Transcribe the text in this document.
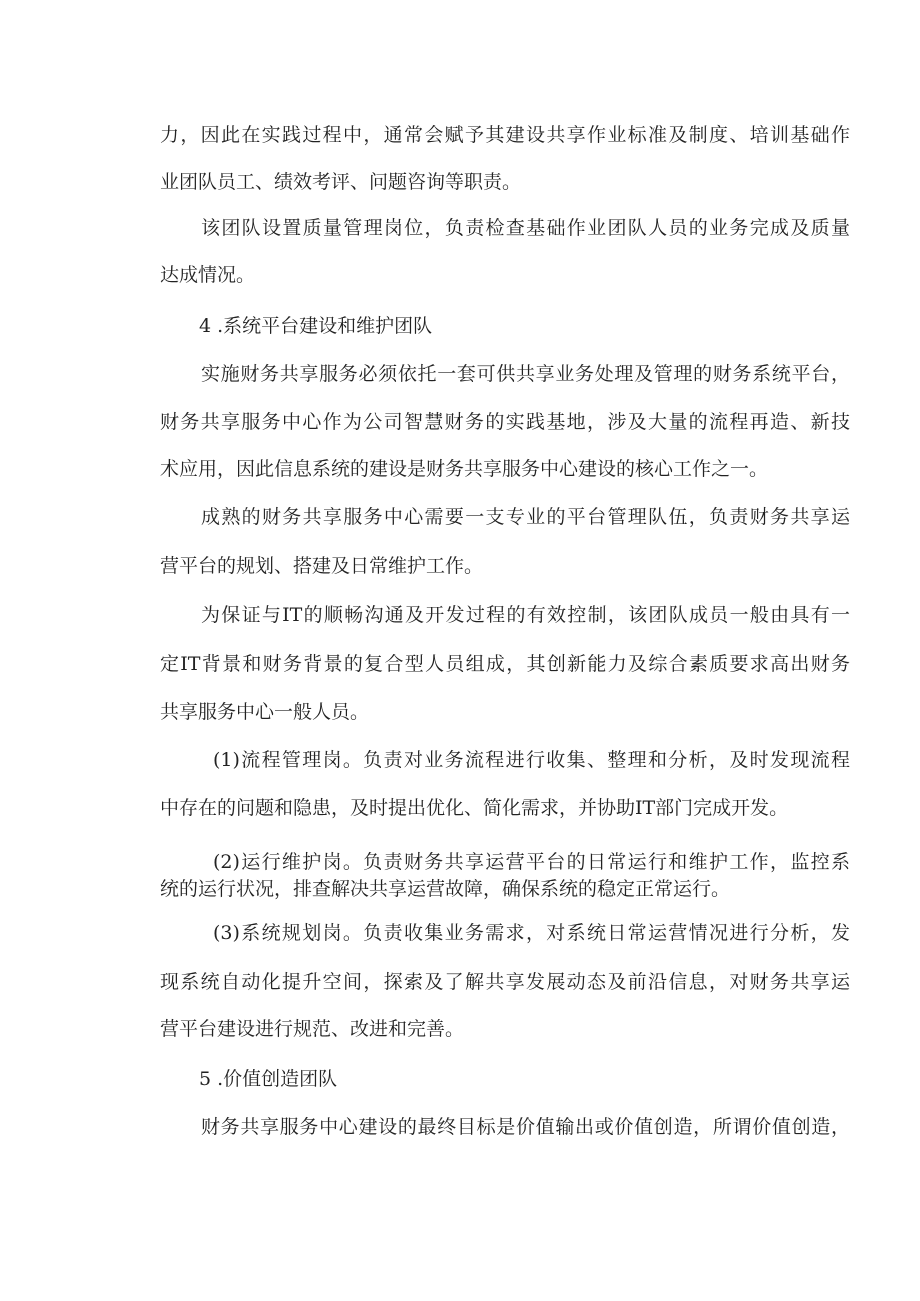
力，因此在实践过程中，通常会赋予其建设共享作业标准及制度、培训基础作

业团队员工、绩效考评、问题咨询等职责。

该团队设置质量管理岗位，负责检查基础作业团队人员的业务完成及质量

达成情况。

4 .系统平台建设和维护团队

实施财务共享服务必须依托一套可供共享业务处理及管理的财务系统平台，

财务共享服务中心作为公司智慧财务的实践基地，涉及大量的流程再造、新技

术应用，因此信息系统的建设是财务共享服务中心建设的核心工作之一。

成熟的财务共享服务中心需要一支专业的平台管理队伍，负责财务共享运

营平台的规划、搭建及日常维护工作。

为保证与IT的顺畅沟通及开发过程的有效控制，该团队成员一般由具有一

定IT背景和财务背景的复合型人员组成，其创新能力及综合素质要求高出财务

共享服务中心一般人员。

(1)流程管理岗。负责对业务流程进行收集、整理和分析，及时发现流程

中存在的问题和隐患，及时提出优化、简化需求，并协助IT部门完成开发。

(2)运行维护岗。负责财务共享运营平台的日常运行和维护工作，监控系

统的运行状况，排查解决共享运营故障，确保系统的稳定正常运行。

(3)系统规划岗。负责收集业务需求，对系统日常运营情况进行分析，发

现系统自动化提升空间，探索及了解共享发展动态及前沿信息，对财务共享运

营平台建设进行规范、改进和完善。

5 .价值创造团队

财务共享服务中心建设的最终目标是价值输出或价值创造，所谓价值创造，
